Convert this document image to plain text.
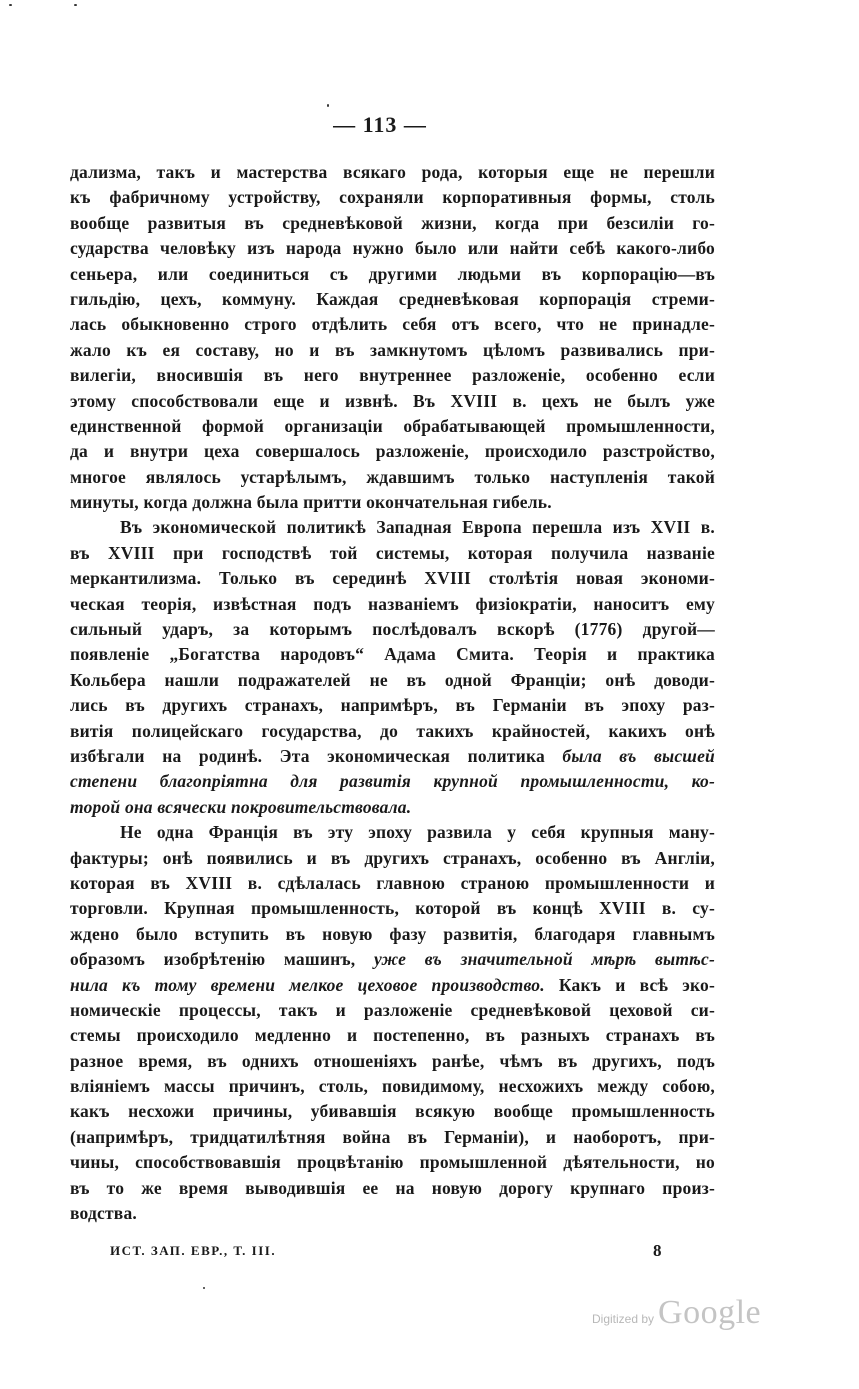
— 113 —
дализма, такъ и мастерства всякаго рода, которыя еще не перешли
къ фабричному устройству, сохраняли корпоративныя формы, столь
вообще развитыя въ средневѣковой жизни, когда при безсилiи го-
сударства человѣку изъ народа нужно было или найти себѣ какого-либо
сеньера, или соединиться съ другими людьми въ корпорацiю—въ
гильдiю, цехъ, коммуну. Каждая средневѣковая корпорацiя стреми-
лась обыкновенно строго отдѣлить себя отъ всего, что не принадле-
жало къ ея составу, но и въ замкнутомъ цѣломъ развивались при-
вилегiи, вносившiя въ него внутреннее разложенiе, особенно если
этому способствовали еще и извнѣ. Въ XVIII в. цехъ не былъ уже
единственной формой организацiи обрабатывающей промышленности,
да и внутри цеха совершалось разложенiе, происходило разстройство,
многое являлось устарѣлымъ, ждавшимъ только наступленiя такой
минуты, когда должна была притти окончательная гибель.
Въ экономической политикѣ Западная Европа перешла изъ XVII в.
въ XVIII при господствѣ той системы, которая получила названiе
меркантилизма. Только въ серединѣ XVIII столѣтiя новая экономи-
ческая теорiя, извѣстная подъ названiемъ физiократiи, наноситъ ему
сильный ударъ, за которымъ послѣдовалъ вскорѣ (1776) другой—
появленiе „Богатства народовъ“ Адама Смита. Теорiя и практика
Кольбера нашли подражателей не въ одной Францiи; онѣ доводи-
лись въ другихъ странахъ, напримѣръ, въ Германiи въ эпоху раз-
витiя полицейскаго государства, до такихъ крайностей, какихъ онѣ
избѣгали на родинѣ. Эта экономическая политика была въ высшей
степени благопрiятна для развитiя крупной промышленности, ко-
торой она всячески покровительствовала.
Не одна Францiя въ эту эпоху развила у себя крупныя ману-
фактуры; онѣ появились и въ другихъ странахъ, особенно въ Англiи,
которая въ XVIII в. сдѣлалась главною страною промышленности и
торговли. Крупная промышленность, которой въ концѣ XVIII в. су-
ждено было вступить въ новую фазу развитiя, благодаря главнымъ
образомъ изобрѣтенiю машинъ, уже въ значительной мѣрѣ вытѣс-
нила къ тому времени мелкое цеховое производство. Какъ и всѣ эко-
номическiе процессы, такъ и разложенiе средневѣковой цеховой си-
стемы происходило медленно и постепенно, въ разныхъ странахъ въ
разное время, въ однихъ отношенiяхъ ранѣе, чѣмъ въ другихъ, подъ
влiянiемъ массы причинъ, столь, повидимому, несхожихъ между собою,
какъ несхожи причины, убивавшiя всякую вообще промышленность
(напримѣръ, тридцатилѣтняя война въ Германiи), и наоборотъ, при-
чины, способствовавшiя процвѣтанiю промышленной дѣятельности, но
въ то же время выводившiя ее на новую дорогу крупнаго произ-
водства.
ИСТ. ЗАП. ЕВР., Т. III.	8
Digitized by Google
